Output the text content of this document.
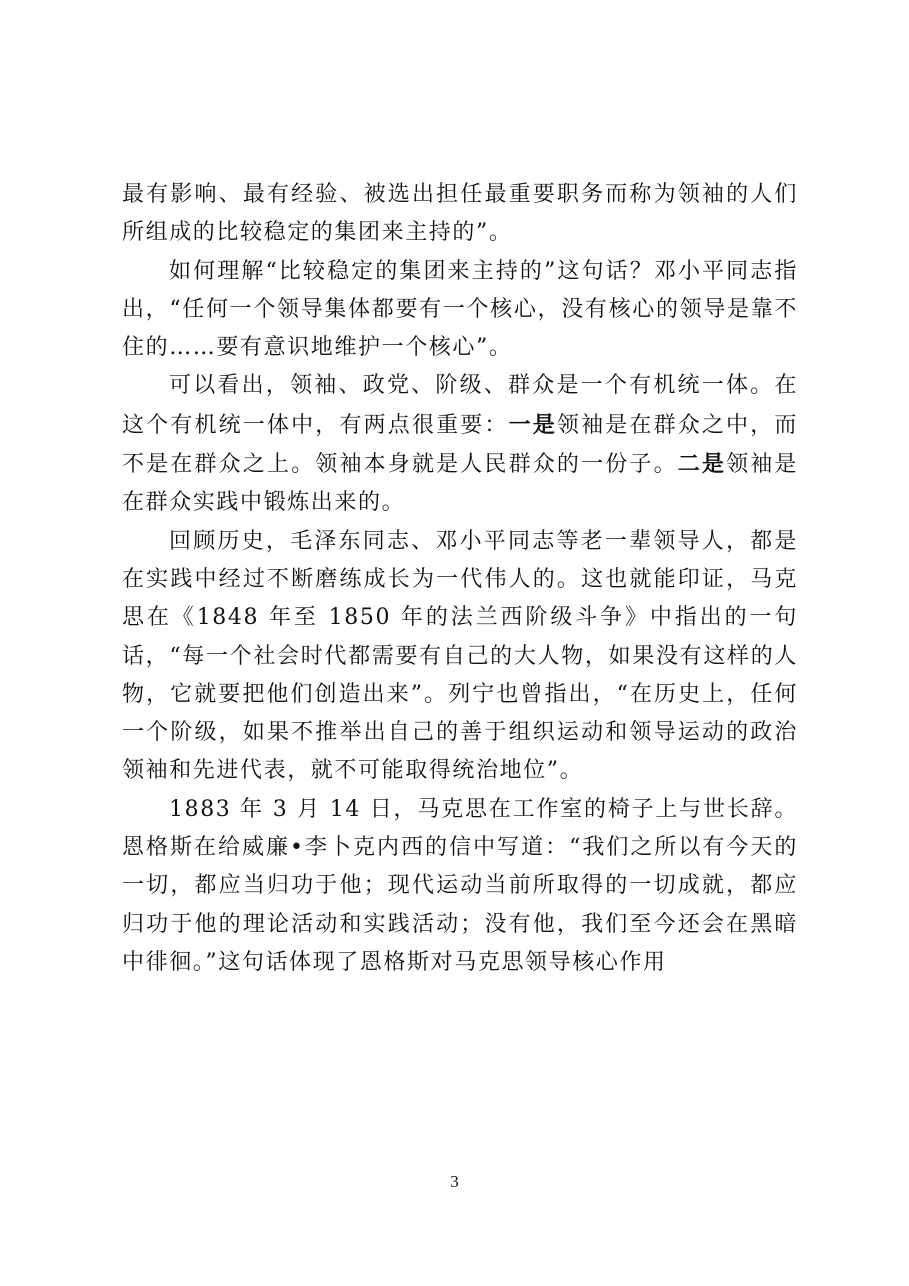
最有影响、最有经验、被选出担任最重要职务而称为领袖的人们所组成的比较稳定的集团来主持的”。

如何理解“比较稳定的集团来主持的”这句话？邓小平同志指出，“任何一个领导集体都要有一个核心，没有核心的领导是靠不住的……要有意识地维护一个核心”。

可以看出，领袖、政党、阶级、群众是一个有机统一体。在这个有机统一体中，有两点很重要：一是领袖是在群众之中，而不是在群众之上。领袖本身就是人民群众的一份子。二是领袖是在群众实践中锻炼出来的。

回顾历史，毛泽东同志、邓小平同志等老一辈领导人，都是在实践中经过不断磨练成长为一代伟人的。这也就能印证，马克思在《1848 年至 1850 年的法兰西阶级斗争》中指出的一句话，“每一个社会时代都需要有自己的大人物，如果没有这样的人物，它就要把他们创造出来”。列宁也曾指出，“在历史上，任何一个阶级，如果不推举出自己的善于组织运动和领导运动的政治领袖和先进代表，就不可能取得统治地位”。

1883 年 3 月 14 日，马克思在工作室的椅子上与世长辞。恩格斯在给威廉•李卜克内西的信中写道：“我们之所以有今天的一切，都应当归功于他；现代运动当前所取得的一切成就，都应归功于他的理论活动和实践活动；没有他，我们至今还会在黑暗中徘徊。”这句话体现了恩格斯对马克思领导核心作用

3
